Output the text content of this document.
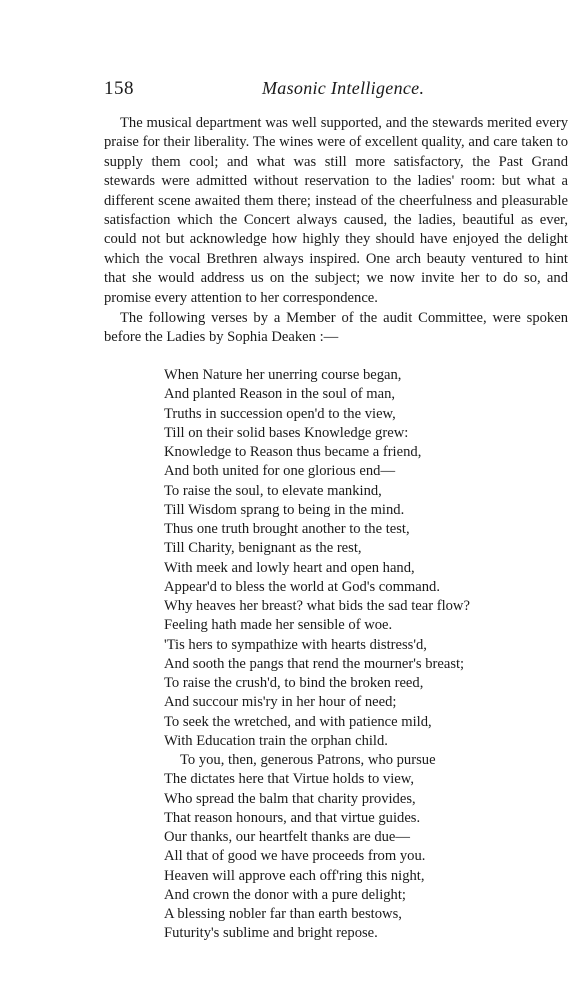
158	Masonic Intelligence.

The musical department was well supported, and the stewards merited every praise for their liberality. The wines were of excellent quality, and care taken to supply them cool; and what was still more satisfactory, the Past Grand stewards were admitted without reservation to the ladies' room: but what a different scene awaited them there; instead of the cheerfulness and pleasurable satisfaction which the Concert always caused, the ladies, beautiful as ever, could not but acknowledge how highly they should have enjoyed the delight which the vocal Brethren always inspired. One arch beauty ventured to hint that she would address us on the subject; we now invite her to do so, and promise every attention to her correspondence.

The following verses by a Member of the audit Committee, were spoken before the Ladies by Sophia Deaken :—

When Nature her unerring course began,
And planted Reason in the soul of man,
Truths in succession open'd to the view,
Till on their solid bases Knowledge grew:
Knowledge to Reason thus became a friend,
And both united for one glorious end—
To raise the soul, to elevate mankind,
Till Wisdom sprang to being in the mind.
Thus one truth brought another to the test,
Till Charity, benignant as the rest,
With meek and lowly heart and open hand,
Appear'd to bless the world at God's command.
Why heaves her breast? what bids the sad tear flow?
Feeling hath made her sensible of woe.
'Tis hers to sympathize with hearts distress'd,
And sooth the pangs that rend the mourner's breast;
To raise the crush'd, to bind the broken reed,
And succour mis'ry in her hour of need;
To seek the wretched, and with patience mild,
With Education train the orphan child.
To you, then, generous Patrons, who pursue
The dictates here that Virtue holds to view,
Who spread the balm that charity provides,
That reason honours, and that virtue guides.
Our thanks, our heartfelt thanks are due—
All that of good we have proceeds from you.
Heaven will approve each off'ring this night,
And crown the donor with a pure delight;
A blessing nobler far than earth bestows,
Futurity's sublime and bright repose.
